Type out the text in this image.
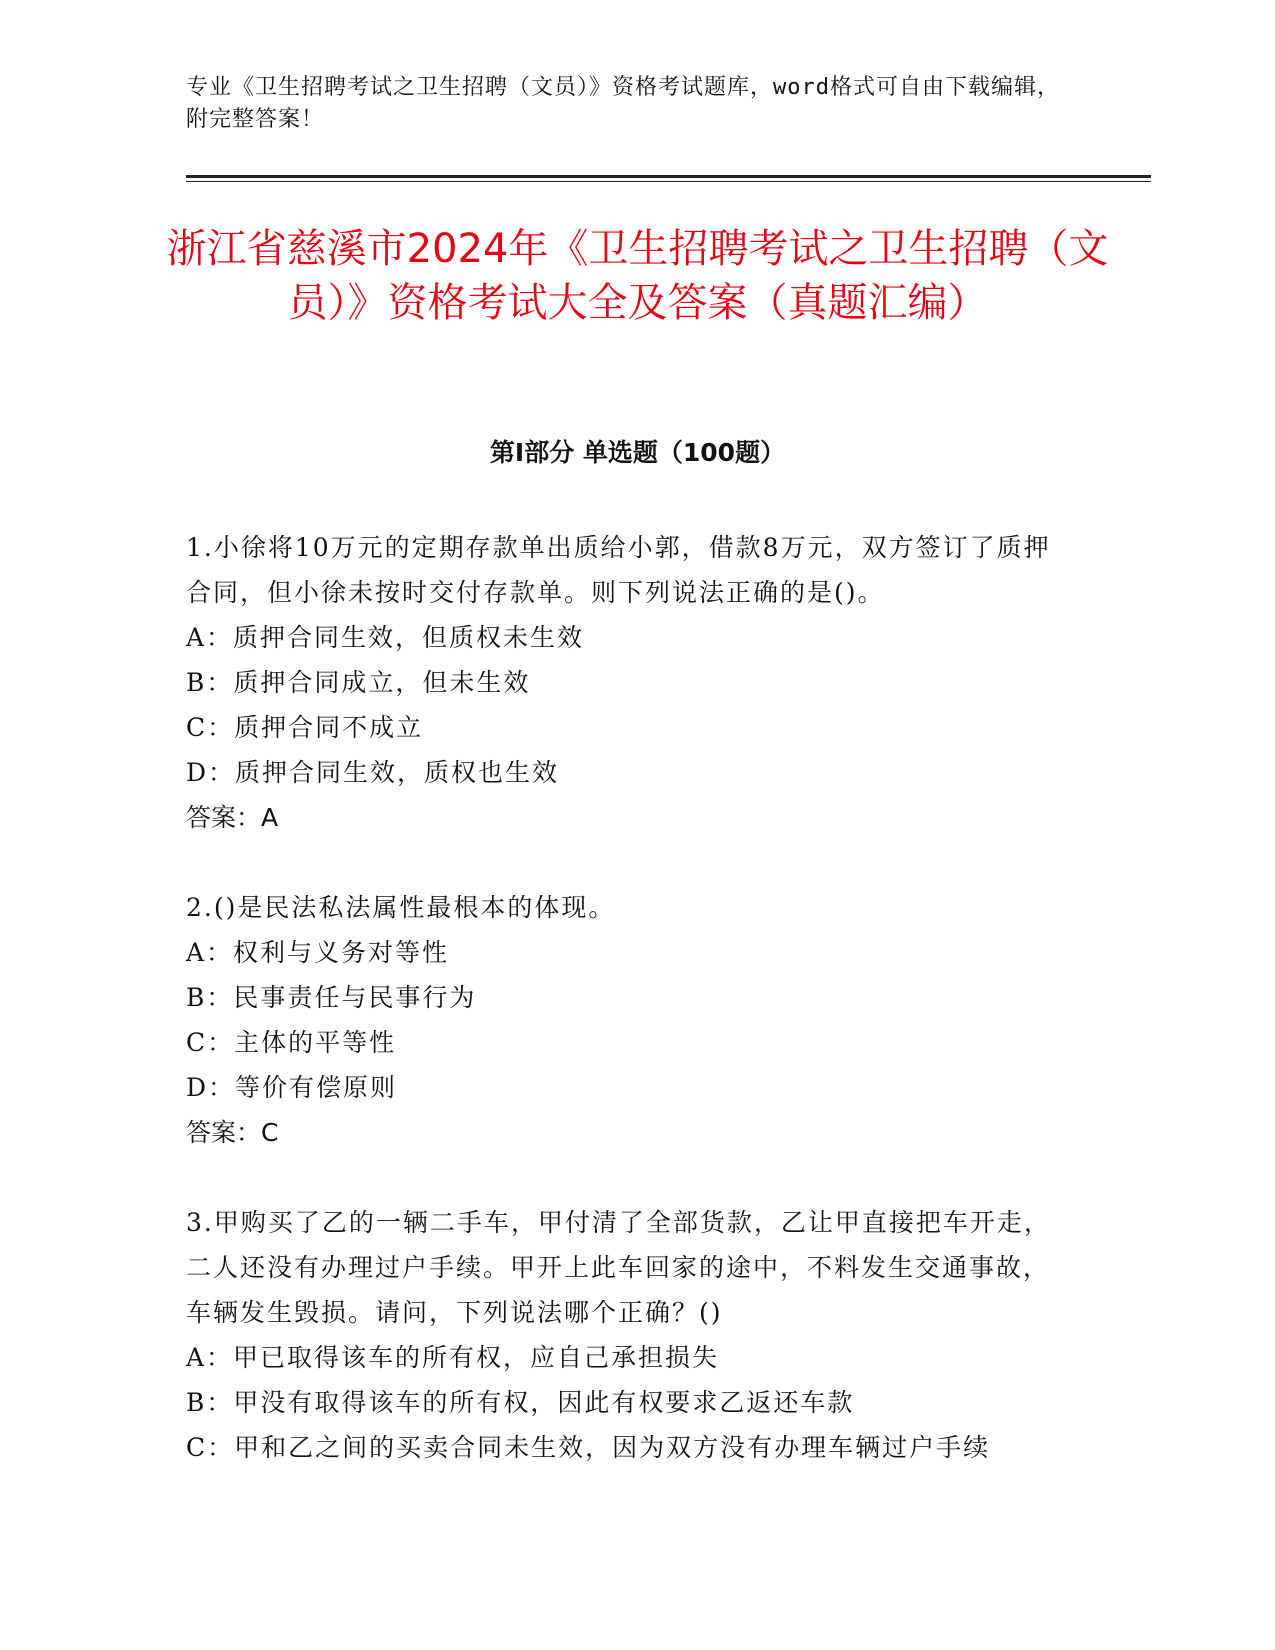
专业《卫生招聘考试之卫生招聘（文员）》资格考试题库，word格式可自由下载编辑，附完整答案！
浙江省慈溪市2024年《卫生招聘考试之卫生招聘（文员）》资格考试大全及答案（真题汇编）
第Ⅰ部分 单选题（100题）

1.小徐将10万元的定期存款单出质给小郭，借款8万元，双方签订了质押合同，但小徐未按时交付存款单。则下列说法正确的是()。

A：质押合同生效，但质权未生效

B：质押合同成立，但未生效

C：质押合同不成立

D：质押合同生效，质权也生效

答案：A

2.()是民法私法属性最根本的体现。

A：权利与义务对等性

B：民事责任与民事行为

C：主体的平等性

D：等价有偿原则

答案：C

3.甲购买了乙的一辆二手车，甲付清了全部货款，乙让甲直接把车开走，二人还没有办理过户手续。甲开上此车回家的途中，不料发生交通事故，车辆发生毁损。请问，下列说法哪个正确？()

A：甲已取得该车的所有权，应自己承担损失

B：甲没有取得该车的所有权，因此有权要求乙返还车款

C：甲和乙之间的买卖合同未生效，因为双方没有办理车辆过户手续
